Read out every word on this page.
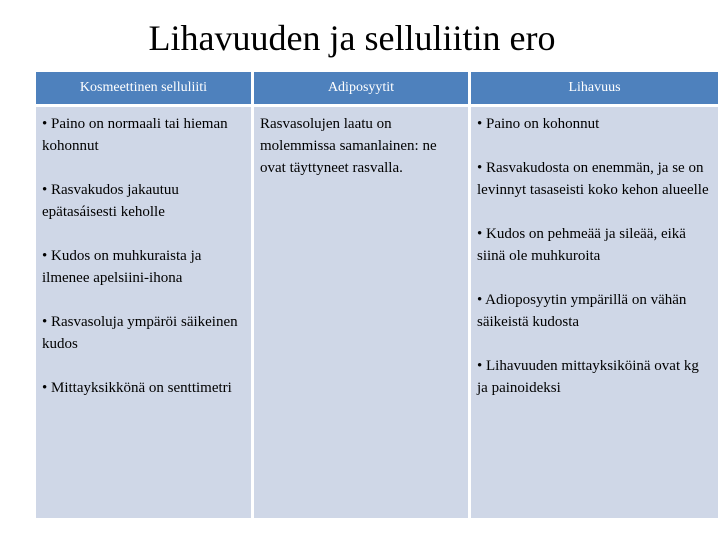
Lihavuuden ja selluliitin ero
Kosmeettinen selluliiti	Adiposyytit	Lihavuus

• Paino on normaali tai hieman kohonnut

• Rasvakudos jakautuu epätasáisesti keholle

• Kudos on muhkuraista ja ilmenee apelsiini-ihona

• Rasvasoluja ympäröi säikeinen kudos

• Mittayksikkönä on senttimetri

Rasvasolujen laatu on molemmissa samanlainen: ne ovat täyttyneet rasvalla.

• Paino on kohonnut

• Rasvakudosta on enemmän, ja se on levinnyt tasaseisti koko kehon alueelle

• Kudos on pehmeää ja sileää, eikä siinä ole muhkuroita

• Adioposyytin ympärillä on vähän säikeistä kudosta

• Lihavuuden mittayksiköinä ovat kg ja painoideksi
